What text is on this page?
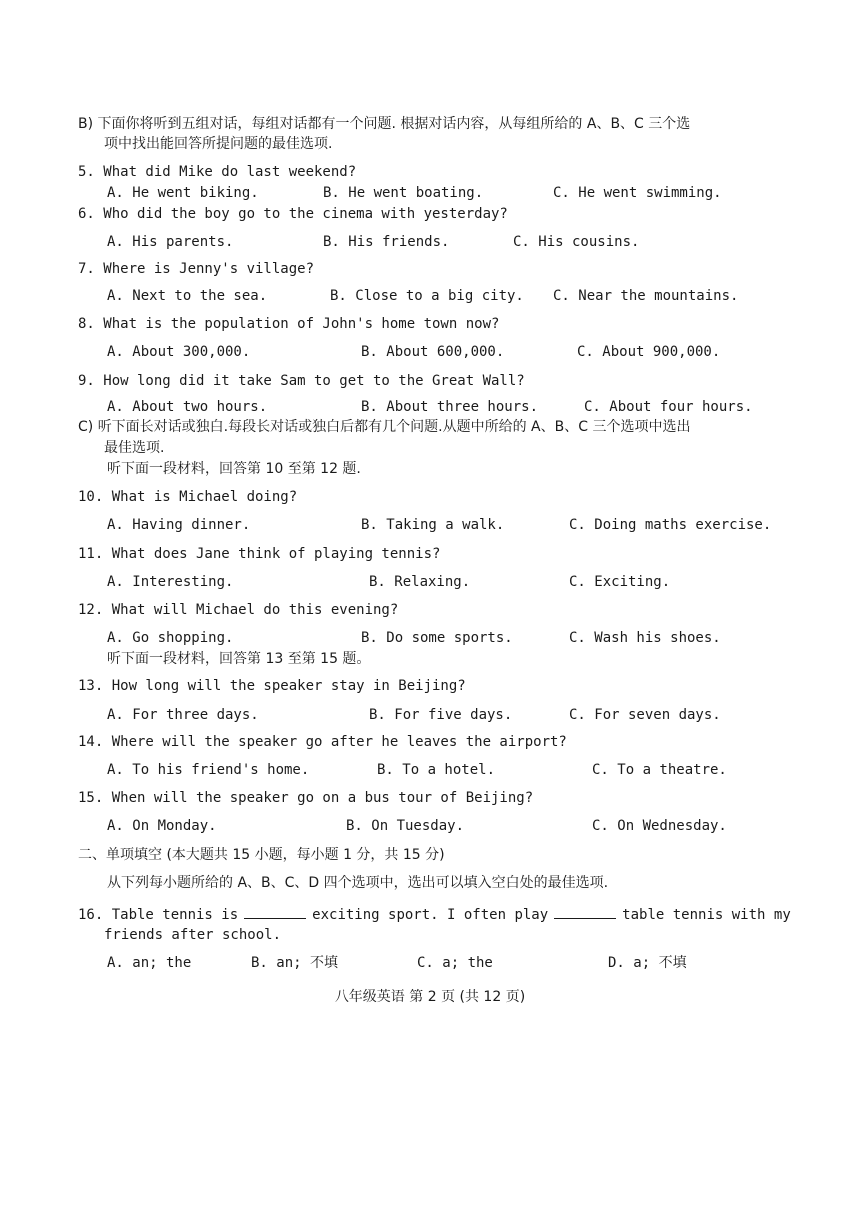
B) 下面你将听到五组对话，每组对话都有一个问题. 根据对话内容，从每组所给的 A、B、C 三个选
项中找出能回答所提问题的最佳选项.
5. What did Mike do last weekend?
A. He went biking.	B. He went boating.	C. He went swimming.
6. Who did the boy go to the cinema with yesterday?
A. His parents.	B. His friends.	C. His cousins.
7. Where is Jenny's village?
A. Next to the sea.	B. Close to a big city. C. Near the mountains.
8. What is the population of John's home town now?
A. About 300,000.	B. About 600,000.	C. About 900,000.
9. How long did it take Sam to get to the Great Wall?
A. About two hours.	B. About three hours.	C. About four hours.
C) 听下面长对话或独白.每段长对话或独白后都有几个问题.从题中所给的 A、B、C 三个选项中选出
最佳选项.
听下面一段材料，回答第 10 至第 12 题.
10. What is Michael doing?
A. Having dinner.	B. Taking a walk.	C. Doing maths exercise.
11. What does Jane think of playing tennis?
A. Interesting.	B. Relaxing.	C. Exciting.
12. What will Michael do this evening?
A. Go shopping.	B. Do some sports.	C. Wash his shoes.
听下面一段材料，回答第 13 至第 15 题。
13. How long will the speaker stay in Beijing?
A. For three days.	B. For five days.	C. For seven days.
14. Where will the speaker go after he leaves the airport?
A. To his friend's home.	B. To a hotel.	C. To a theatre.
15. When will the speaker go on a bus tour of Beijing?
A. On Monday.	B. On Tuesday.	C. On Wednesday.
二、单项填空 (本大题共 15 小题，每小题 1 分，共 15 分)
从下列每小题所给的 A、B、C、D 四个选项中，选出可以填入空白处的最佳选项.
16. Table tennis is	exciting sport. I often play	table tennis with my
friends after school.
A. an; the	B. an; 不填	C. a; the	D. a; 不填
八年级英语 第 2 页 (共 12 页)
